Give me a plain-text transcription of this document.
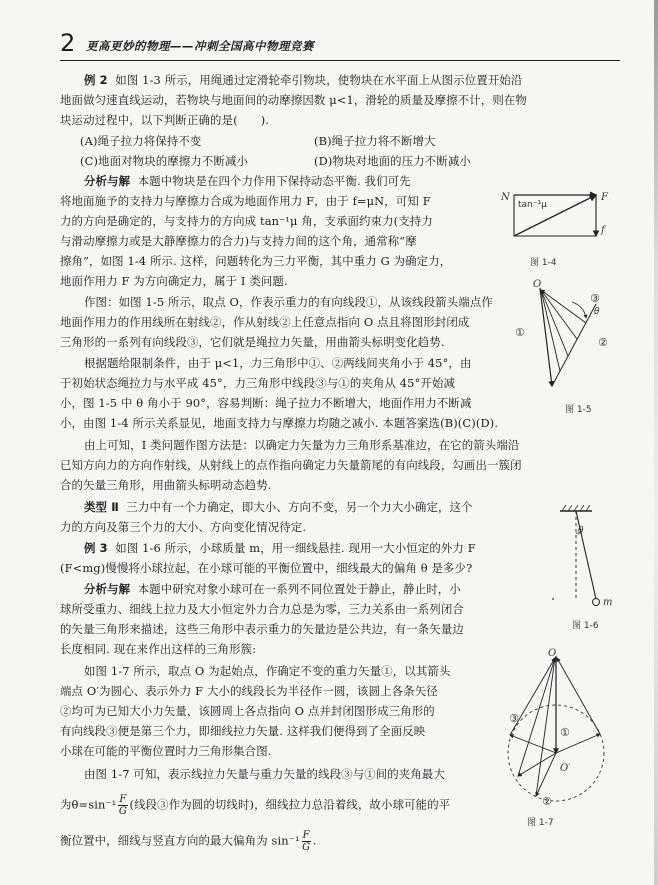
2 更高更妙的物理——冲刺全国高中物理竞赛
例 2 如图 1-3 所示，用绳通过定滑轮牵引物块，使物块在水平面上从图示位置开始沿
地面做匀速直线运动，若物块与地面间的动摩擦因数 μ<1，滑轮的质量及摩擦不计，则在物
块运动过程中，以下判断正确的是(　　).
(A)绳子拉力将保持不变	(B)绳子拉力将不断增大
(C)地面对物块的摩擦力不断减小	(D)物块对地面的压力不断减小
分析与解 本题中物块是在四个力作用下保持动态平衡. 我们可先
将地面施予的支持力与摩擦力合成为地面作用力 F，由于 f=μN，可知 F
力的方向是确定的，与支持力的方向成 tan⁻¹μ 角，支承面约束力(支持力
与滑动摩擦力或是大静摩擦力的合力)与支持力间的这个角，通常称“摩
擦角”，如图 1-4 所示. 这样，问题转化为三力平衡，其中重力 G 为确定力，
地面作用力 F 为方向确定力，属于 Ⅰ 类问题.
N	F
f
tan⁻¹μ
图 1-4
作图：如图 1-5 所示，取点 O，作表示重力的有向线段①，从该线段箭头端点作
地面作用力的作用线所在射线②，作从射线②上任意点指向 O 点且将图形封闭成
三角形的一系列有向线段③，它们就是绳拉力矢量，用曲箭头标明变化趋势.
O
①
②
③
θ
图 1-5
根据题给限制条件，由于 μ<1，力三角形中①、②两线间夹角小于 45°，由
于初始状态绳拉力与水平成 45°，力三角形中线段③与①的夹角从 45°开始减
小，图 1-5 中 θ 角小于 90°，容易判断：绳子拉力不断增大，地面作用力不断减
小，由图 1-4 所示关系显见，地面支持力与摩擦力均随之减小. 本题答案选(B)(C)(D).
由上可知，Ⅰ 类问题作图方法是：以确定力矢量为力三角形系基准边，在它的箭头端沿
已知方向力的方向作射线，从射线上的点作指向确定力矢量箭尾的有向线段，勾画出一簇闭
合的矢量三角形，用曲箭头标明动态趋势.
类型 Ⅱ 三力中有一个力确定，即大小、方向不变，另一个力大小确定，这个
力的方向及第三个力的大小、方向变化情况待定.
例 3 如图 1-6 所示，小球质量 m，用一细线悬挂. 现用一大小恒定的外力 F
(F<mg)慢慢将小球拉起，在小球可能的平衡位置中，细线最大的偏角 θ 是多少?
θ
m
图 1-6
分析与解 本题中研究对象小球可在一系列不同位置处于静止，静止时，小
球所受重力、细线上拉力及大小恒定外力合力总是为零，三力关系由一系列闭合
的矢量三角形来描述，这些三角形中表示重力的矢量边是公共边，有一条矢量边
长度相同. 现在来作出这样的三角形簇:
如图 1-7 所示，取点 O 为起始点，作确定不变的重力矢量①，以其箭头
端点 O′为圆心、表示外力 F 大小的线段长为半径作一圆，该圆上各条矢径
②均可为已知大小力矢量，该圆周上各点指向 O 点并封闭图形成三角形的
有向线段③便是第三个力，即细线拉力矢量. 这样我们便得到了全面反映
小球在可能的平衡位置时力三角形集合图.
O
O′
①
②
③
图 1-7
由图 1-7 可知，表示线拉力矢量与重力矢量的线段③与①间的夹角最大
为$\theta=\sin^{-1} \frac{F}{G}$ (线段③作为圆的切线时)，细线拉力总沿着线，故小球可能的平
衡位置中，细线与竖直方向的最大偏角为 $\sin^{-1} \frac{F}{G}$ .
